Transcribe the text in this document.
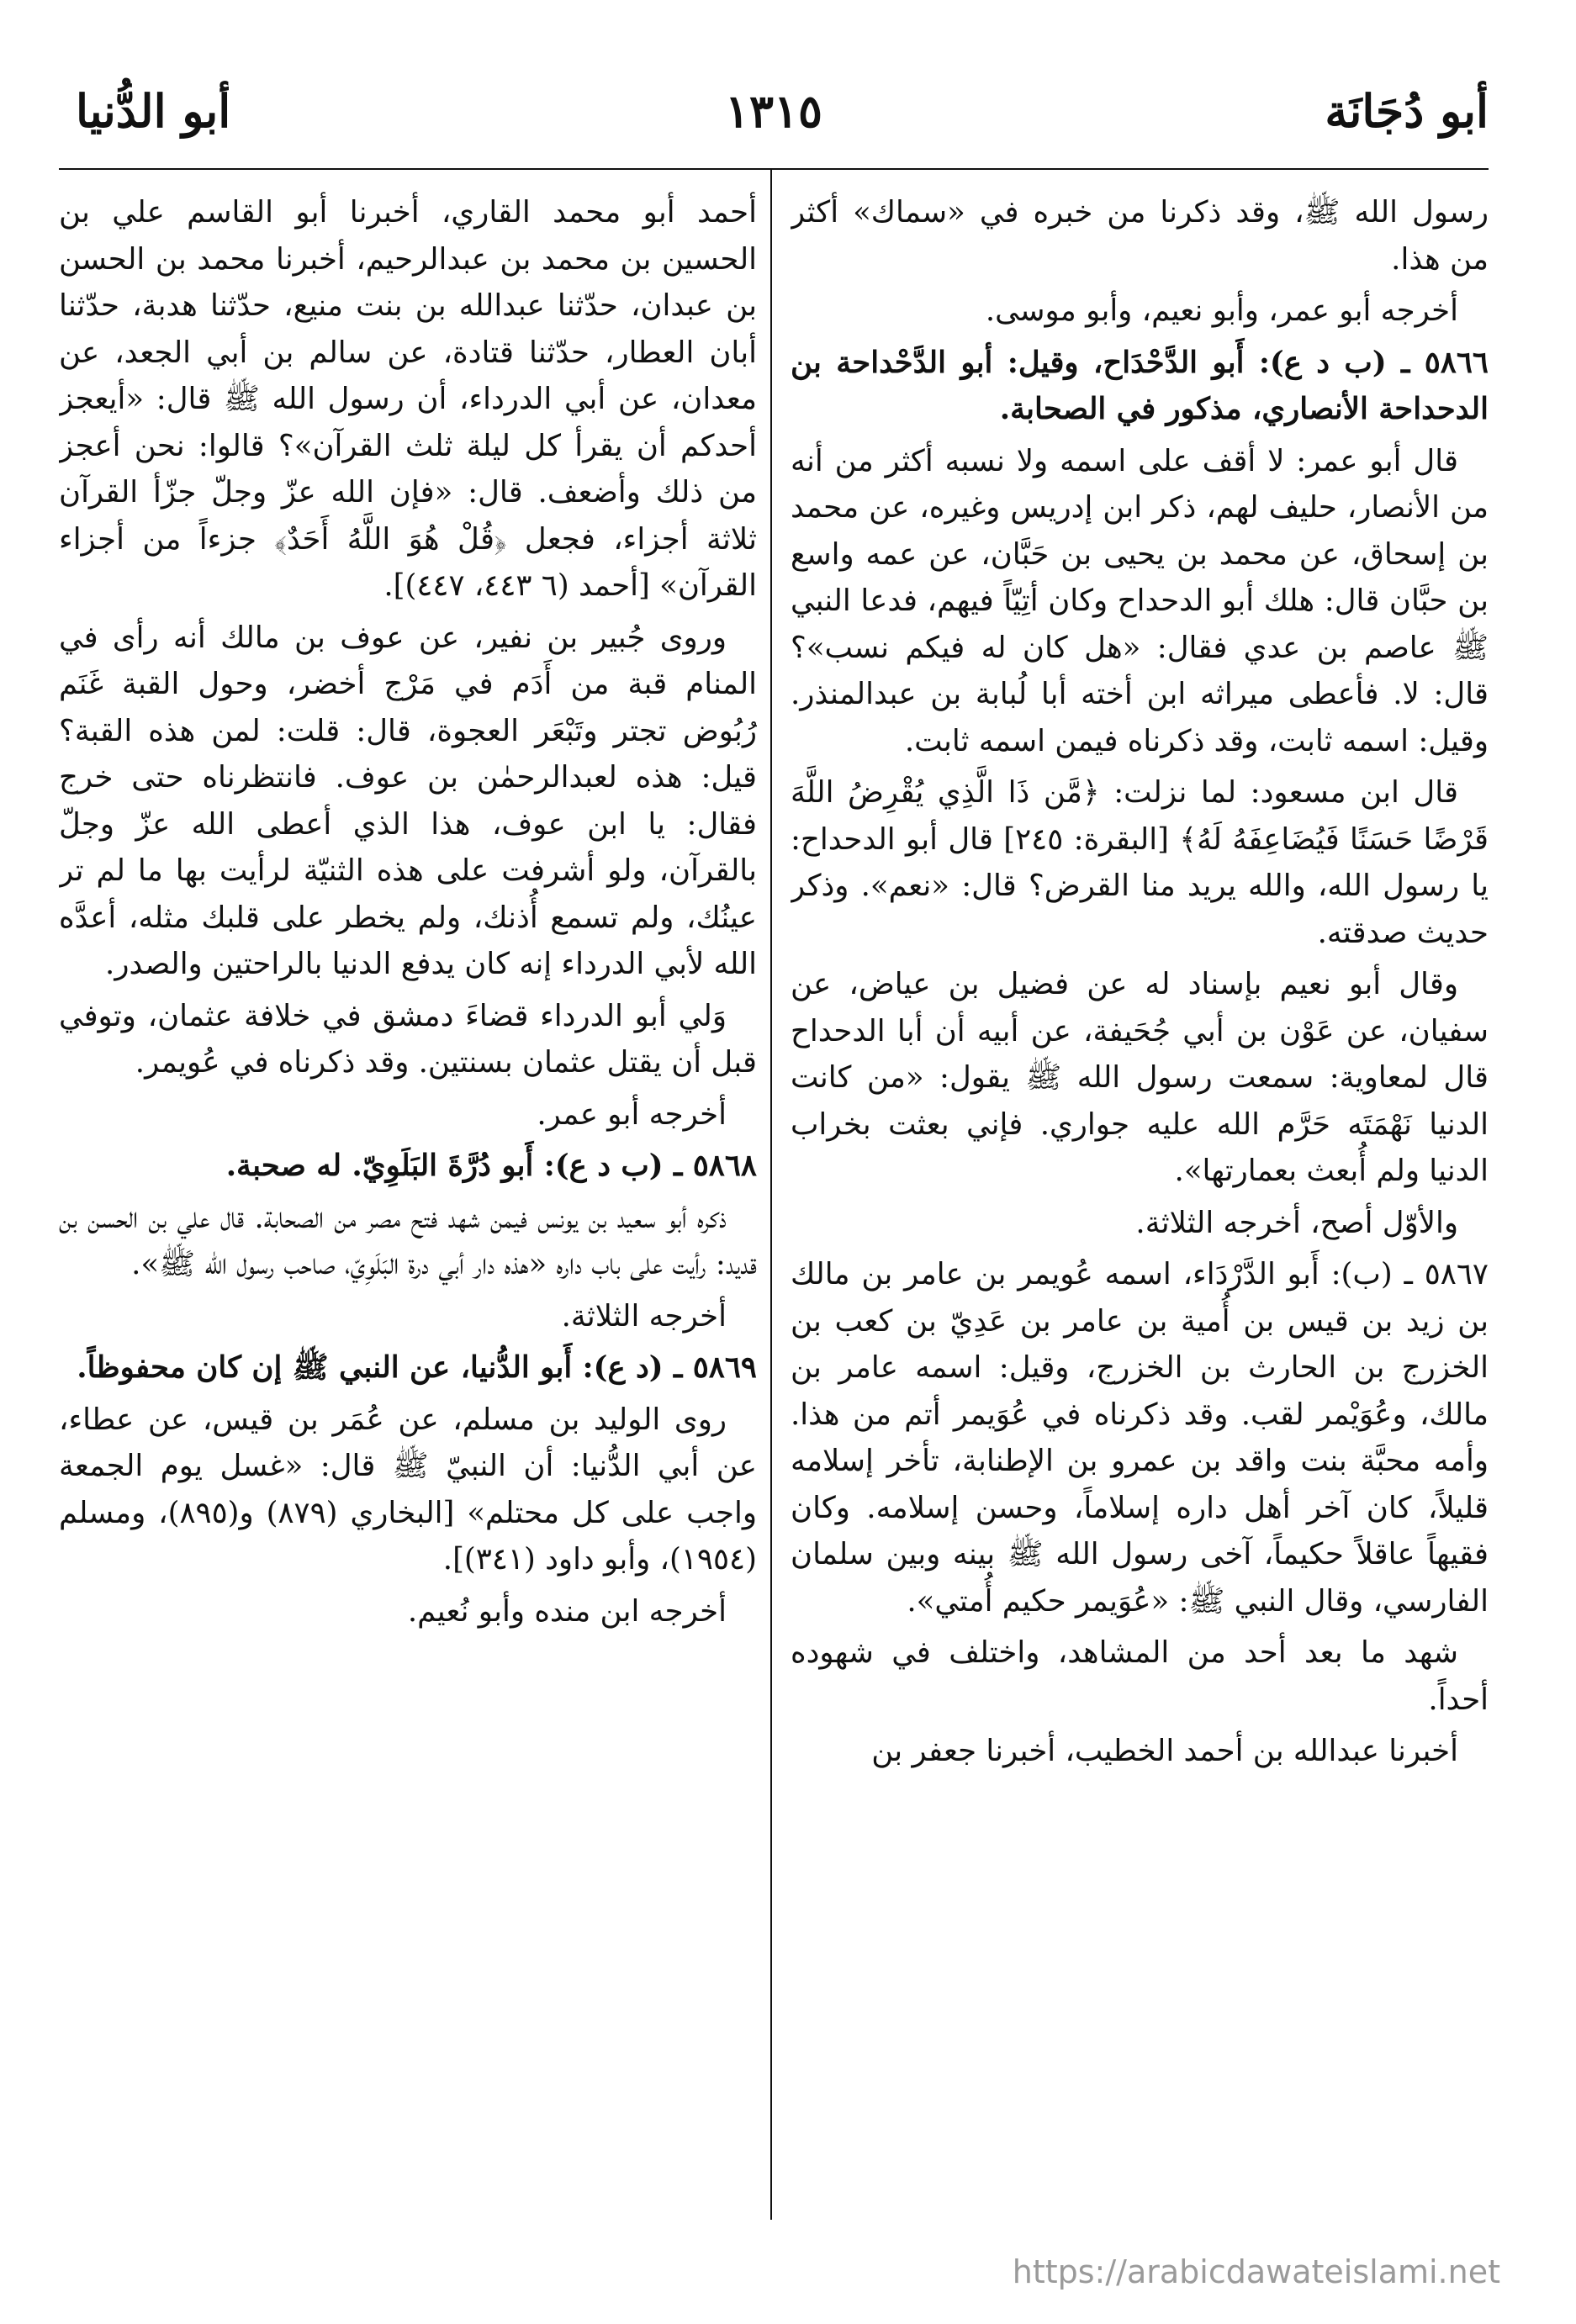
أبو دُجَانَة
١٣١٥
أبو الدُّنيا

رسول الله ﷺ، وقد ذكرنا من خبره في «سماك» أكثر من هذا.

أخرجه أبو عمر، وأبو نعيم، وأبو موسى.

٥٨٦٦ ـ (ب د ع): أَبو الدَّحْدَاح، وقيل: أبو الدَّحْداحة بن الدحداحة الأنصاري، مذكور في الصحابة.

قال أبو عمر: لا أقف على اسمه ولا نسبه أكثر من أنه من الأنصار، حليف لهم، ذكر ابن إدريس وغيره، عن محمد بن إسحاق، عن محمد بن يحيى بن حَبَّان، عن عمه واسع بن حبَّان قال: هلك أبو الدحداح وكان أتِيّاً فيهم، فدعا النبي ﷺ عاصم بن عدي فقال: «هل كان له فيكم نسب»؟ قال: لا. فأعطى ميراثه ابن أخته أبا لُبابة بن عبدالمنذر. وقيل: اسمه ثابت، وقد ذكرناه فيمن اسمه ثابت.

قال ابن مسعود: لما نزلت: ﴿مَّن ذَا الَّذِي يُقْرِضُ اللَّهَ قَرْضًا حَسَنًا فَيُضَاعِفَهُ لَهُ﴾ [البقرة: ٢٤٥] قال أبو الدحداح: يا رسول الله، والله يريد منا القرض؟ قال: «نعم». وذكر حديث صدقته.

وقال أبو نعيم بإسناد له عن فضيل بن عياض، عن سفيان، عن عَوْن بن أبي جُحَيفة، عن أبيه أن أبا الدحداح قال لمعاوية: سمعت رسول الله ﷺ يقول: «من كانت الدنيا نَهْمَتَه حَرَّم الله عليه جواري. فإني بعثت بخراب الدنيا ولم أُبعث بعمارتها».

والأوّل أصح، أخرجه الثلاثة.

٥٨٦٧ ـ (ب): أَبو الدَّرْدَاء، اسمه عُويمر بن عامر بن مالك بن زيد بن قيس بن أُمية بن عامر بن عَدِيّ بن كعب بن الخزرج بن الحارث بن الخزرج، وقيل: اسمه عامر بن مالك، وعُوَيْمر لقب. وقد ذكرناه في عُوَيمر أتم من هذا. وأمه محبَّة بنت واقد بن عمرو بن الإطنابة، تأخر إسلامه قليلاً، كان آخر أهل داره إسلاماً، وحسن إسلامه. وكان فقيهاً عاقلاً حكيماً، آخى رسول الله ﷺ بينه وبين سلمان الفارسي، وقال النبي ﷺ: «عُوَيمر حكيم أُمتي».

شهد ما بعد أحد من المشاهد، واختلف في شهوده أحداً.

أخبرنا عبدالله بن أحمد الخطيب، أخبرنا جعفر بن

أحمد أبو محمد القاري، أخبرنا أبو القاسم علي بن الحسين بن محمد بن عبدالرحيم، أخبرنا محمد بن الحسن بن عبدان، حدّثنا عبدالله بن بنت منيع، حدّثنا هدبة، حدّثنا أبان العطار، حدّثنا قتادة، عن سالم بن أبي الجعد، عن معدان، عن أبي الدرداء، أن رسول الله ﷺ قال: «أيعجز أحدكم أن يقرأ كل ليلة ثلث القرآن»؟ قالوا: نحن أعجز من ذلك وأضعف. قال: «فإن الله عزّ وجلّ جزّأ القرآن ثلاثة أجزاء، فجعل ﴿قُلْ هُوَ اللَّهُ أَحَدٌ﴾ جزءاً من أجزاء القرآن» [أحمد (٦ ٤٤٣، ٤٤٧)].

وروى جُبير بن نفير، عن عوف بن مالك أنه رأى في المنام قبة من أَدَم في مَرْج أخضر، وحول القبة غَنَم رُبُوض تجتر وتَبْعَر العجوة، قال: قلت: لمن هذه القبة؟ قيل: هذه لعبدالرحمٰن بن عوف. فانتظرناه حتى خرج فقال: يا ابن عوف، هذا الذي أعطى الله عزّ وجلّ بالقرآن، ولو أشرفت على هذه الثنيّة لرأيت بها ما لم تر عينُك، ولم تسمع أُذنك، ولم يخطر على قلبك مثله، أعدَّه الله لأبي الدرداء إنه كان يدفع الدنيا بالراحتين والصدر.

وَلي أبو الدرداء قضاءَ دمشق في خلافة عثمان، وتوفي قبل أن يقتل عثمان بسنتين. وقد ذكرناه في عُويمر.

أخرجه أبو عمر.

٥٨٦٨ ـ (ب د ع): أَبو دُرَّةَ البَلَوِيّ. له صحبة.

ذكره أبو سعيد بن يونس فيمن شهد فتح مصر من الصحابة. قال علي بن الحسن بن قديد: رأيت على باب داره «هذه دار أبي درة البَلَوِيّ، صاحب رسول الله ﷺ».

أخرجه الثلاثة.

٥٨٦٩ ـ (د ع): أَبو الدُّنيا، عن النبي ﷺ إن كان محفوظاً.

روى الوليد بن مسلم، عن عُمَر بن قيس، عن عطاء، عن أبي الدُّنيا: أن النبيّ ﷺ قال: «غسل يوم الجمعة واجب على كل محتلم» [البخاري (٨٧٩) و(٨٩٥)، ومسلم (١٩٥٤)، وأبو داود (٣٤١)].

أخرجه ابن منده وأبو نُعيم.

https://arabicdawateislami.net
